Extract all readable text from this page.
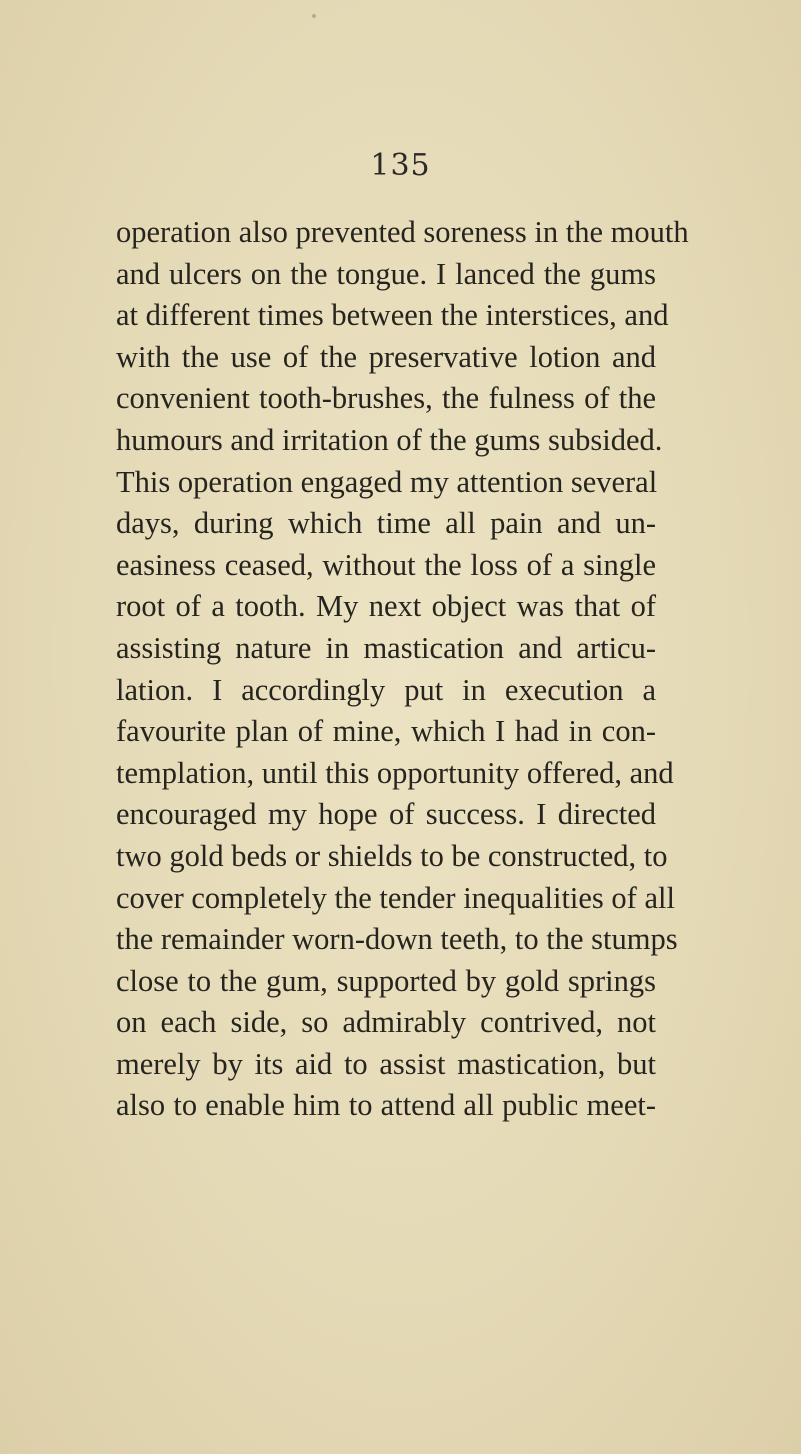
135
operation also prevented soreness in the mouth
and ulcers on the tongue. I lanced the gums
at different times between the interstices, and
with the use of the preservative lotion and
convenient tooth-brushes, the fulness of the
humours and irritation of the gums subsided.
This operation engaged my attention several
days, during which time all pain and un-
easiness ceased, without the loss of a single
root of a tooth. My next object was that of
assisting nature in mastication and articu-
lation. I accordingly put in execution a
favourite plan of mine, which I had in con-
templation, until this opportunity offered, and
encouraged my hope of success. I directed
two gold beds or shields to be constructed, to
cover completely the tender inequalities of all
the remainder worn-down teeth, to the stumps
close to the gum, supported by gold springs
on each side, so admirably contrived, not
merely by its aid to assist mastication, but
also to enable him to attend all public meet-
